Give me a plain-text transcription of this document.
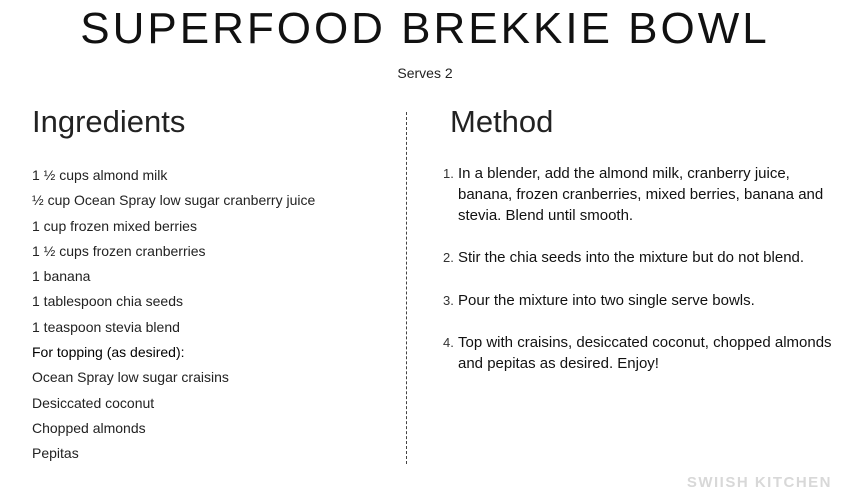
SUPERFOOD BREKKIE BOWL
Serves 2
Ingredients
1 ½ cups almond milk
½ cup Ocean Spray low sugar cranberry juice
1 cup frozen mixed berries
1 ½ cups frozen cranberries
1 banana
1 tablespoon chia seeds
1 teaspoon stevia blend
For topping (as desired):
Ocean Spray low sugar craisins
Desiccated coconut
Chopped almonds
Pepitas
Method
1. In a blender, add the almond milk, cranberry juice, banana, frozen cranberries, mixed berries, banana and stevia. Blend until smooth.
2. Stir the chia seeds into the mixture but do not blend.
3. Pour the mixture into two single serve bowls.
4. Top with craisins, desiccated coconut, chopped almonds and pepitas as desired. Enjoy!
SWIISH KITCHEN
